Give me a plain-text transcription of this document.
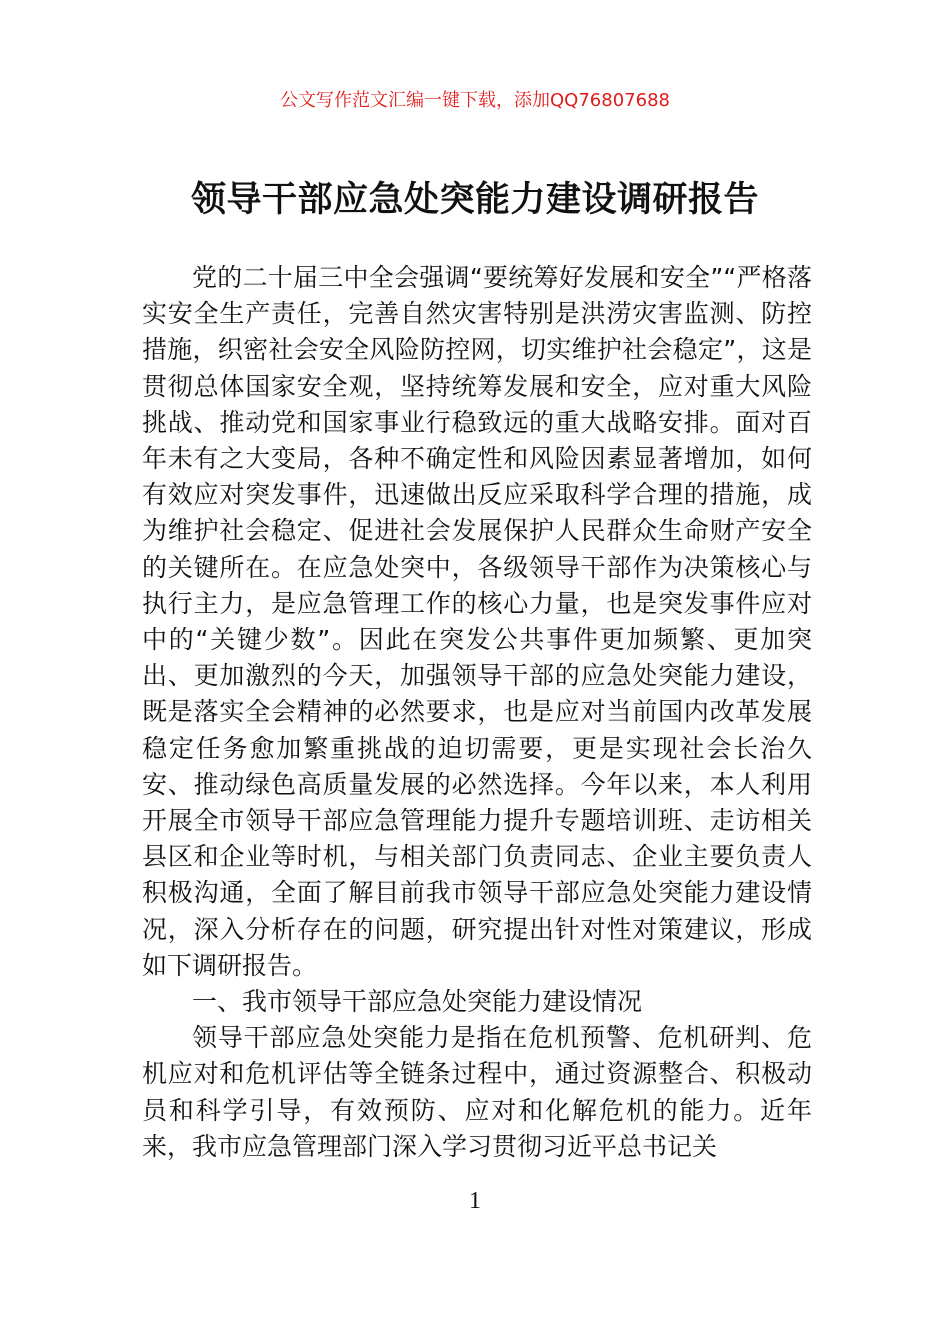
公文写作范文汇编一键下载，添加QQ76807688
领导干部应急处突能力建设调研报告

党的二十届三中全会强调“要统筹好发展和安全”“严格落实安全生产责任，完善自然灾害特别是洪涝灾害监测、防控措施，织密社会安全风险防控网，切实维护社会稳定”，这是贯彻总体国家安全观，坚持统筹发展和安全，应对重大风险挑战、推动党和国家事业行稳致远的重大战略安排。面对百年未有之大变局，各种不确定性和风险因素显著增加，如何有效应对突发事件，迅速做出反应采取科学合理的措施，成为维护社会稳定、促进社会发展保护人民群众生命财产安全的关键所在。在应急处突中，各级领导干部作为决策核心与执行主力，是应急管理工作的核心力量，也是突发事件应对中的“关键少数”。因此在突发公共事件更加频繁、更加突出、更加激烈的今天，加强领导干部的应急处突能力建设，既是落实全会精神的必然要求，也是应对当前国内改革发展稳定任务愈加繁重挑战的迫切需要，更是实现社会长治久安、推动绿色高质量发展的必然选择。今年以来，本人利用开展全市领导干部应急管理能力提升专题培训班、走访相关县区和企业等时机，与相关部门负责同志、企业主要负责人积极沟通，全面了解目前我市领导干部应急处突能力建设情况，深入分析存在的问题，研究提出针对性对策建议，形成如下调研报告。

一、我市领导干部应急处突能力建设情况

领导干部应急处突能力是指在危机预警、危机研判、危机应对和危机评估等全链条过程中，通过资源整合、积极动员和科学引导，有效预防、应对和化解危机的能力。近年来，我市应急管理部门深入学习贯彻习近平总书记关

1
